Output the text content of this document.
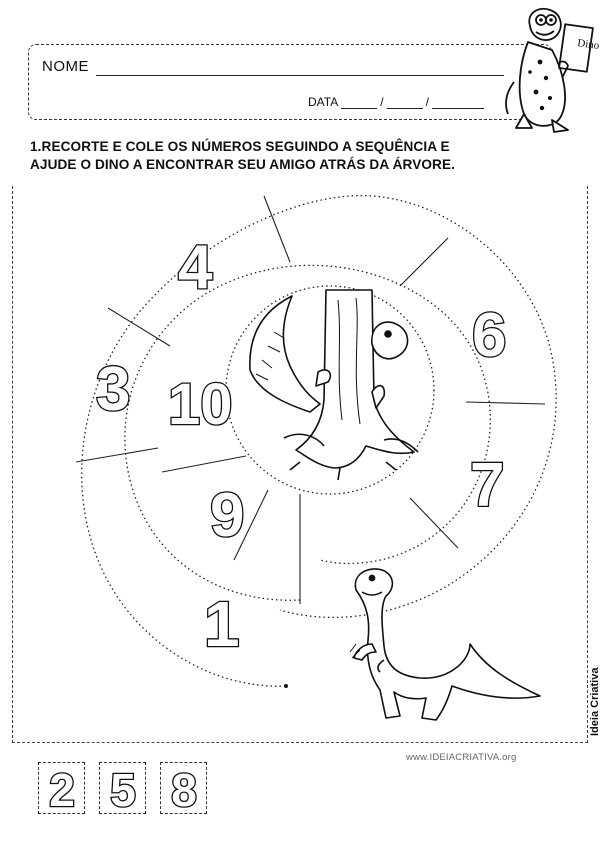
NOME
DATA	/	/
Dino
1.RECORTE E COLE OS NÚMEROS SEGUINDO A SEQUÊNCIA E
AJUDE O DINO A ENCONTRAR SEU AMIGO ATRÁS DA ÁRVORE.
4
6
3 10
7
9
1
Ideia Criativa
www.IDEIACRIATIVA.org
2 5 8
